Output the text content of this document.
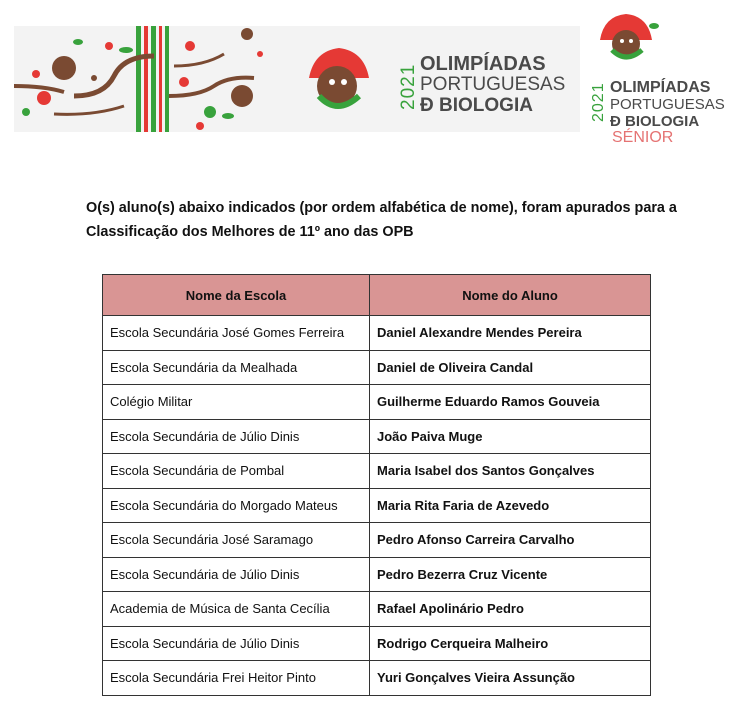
2021 OLIMPÍADAS
PORTUGUESAS
Ð BIOLOGIA	2021 OLIMPÍADAS
PORTUGUESAS
Ð BIOLOGIA
SÉNIOR
O(s) aluno(s) abaixo indicados (por ordem alfabética de nome), foram apurados para a Classificação dos Melhores de 11º ano das OPB
Nome da Escola	Nome do Aluno
Escola Secundária José Gomes Ferreira	Daniel Alexandre Mendes Pereira
Escola Secundária da Mealhada	Daniel de Oliveira Candal
Colégio Militar	Guilherme Eduardo Ramos Gouveia
Escola Secundária de Júlio Dinis	João Paiva Muge
Escola Secundária de Pombal	Maria Isabel dos Santos Gonçalves
Escola Secundária do Morgado Mateus	Maria Rita Faria de Azevedo
Escola Secundária José Saramago	Pedro Afonso Carreira Carvalho
Escola Secundária de Júlio Dinis	Pedro Bezerra Cruz Vicente
Academia de Música de Santa Cecília	Rafael Apolinário Pedro
Escola Secundária de Júlio Dinis	Rodrigo Cerqueira Malheiro
Escola Secundária Frei Heitor Pinto	Yuri Gonçalves Vieira Assunção
